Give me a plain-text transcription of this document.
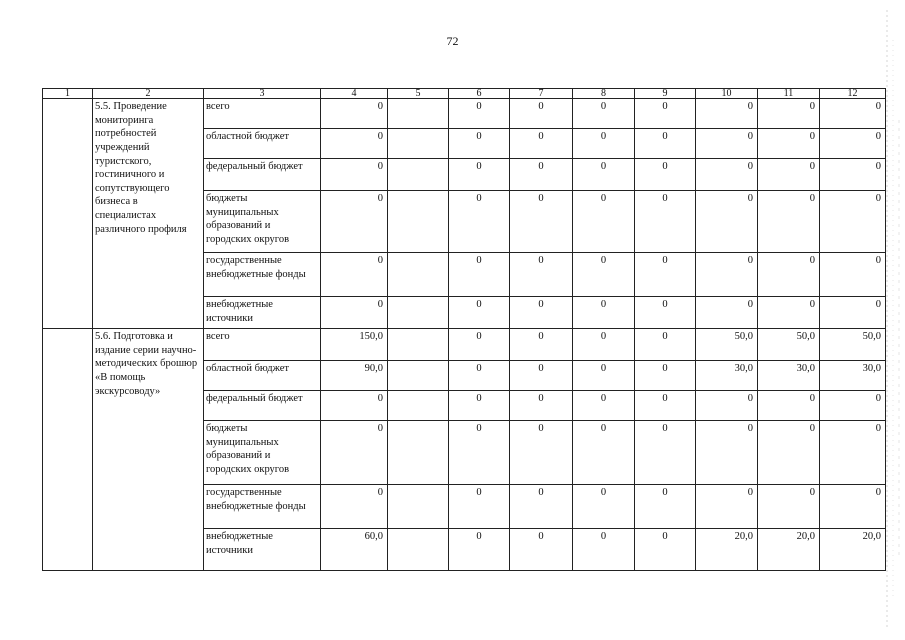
72
1	2	3	4	5	6	7	8	9	10	11	12
	5.5. Проведение мониторинга потребностей учреждений туристского, гостиничного и сопутствующего бизнеса в специалистах различного профиля	всего	0		0	0	0	0	0	0	0
		областной бюджет	0		0	0	0	0	0	0	0
		федеральный бюджет	0		0	0	0	0	0	0	0
		бюджеты муниципальных образований и городских округов	0		0	0	0	0	0	0	0
		государственные внебюджетные фонды	0		0	0	0	0	0	0	0
		внебюджетные источники	0		0	0	0	0	0	0	0
	5.6. Подготовка и издание серии научно-методических брошюр «В помощь экскурсоводу»	всего	150,0		0	0	0	0	50,0	50,0	50,0
		областной бюджет	90,0		0	0	0	0	30,0	30,0	30,0
		федеральный бюджет	0		0	0	0	0	0	0	0
		бюджеты муниципальных образований и городских округов	0		0	0	0	0	0	0	0
		государственные внебюджетные фонды	0		0	0	0	0	0	0	0
		внебюджетные источники	60,0		0	0	0	0	20,0	20,0	20,0
